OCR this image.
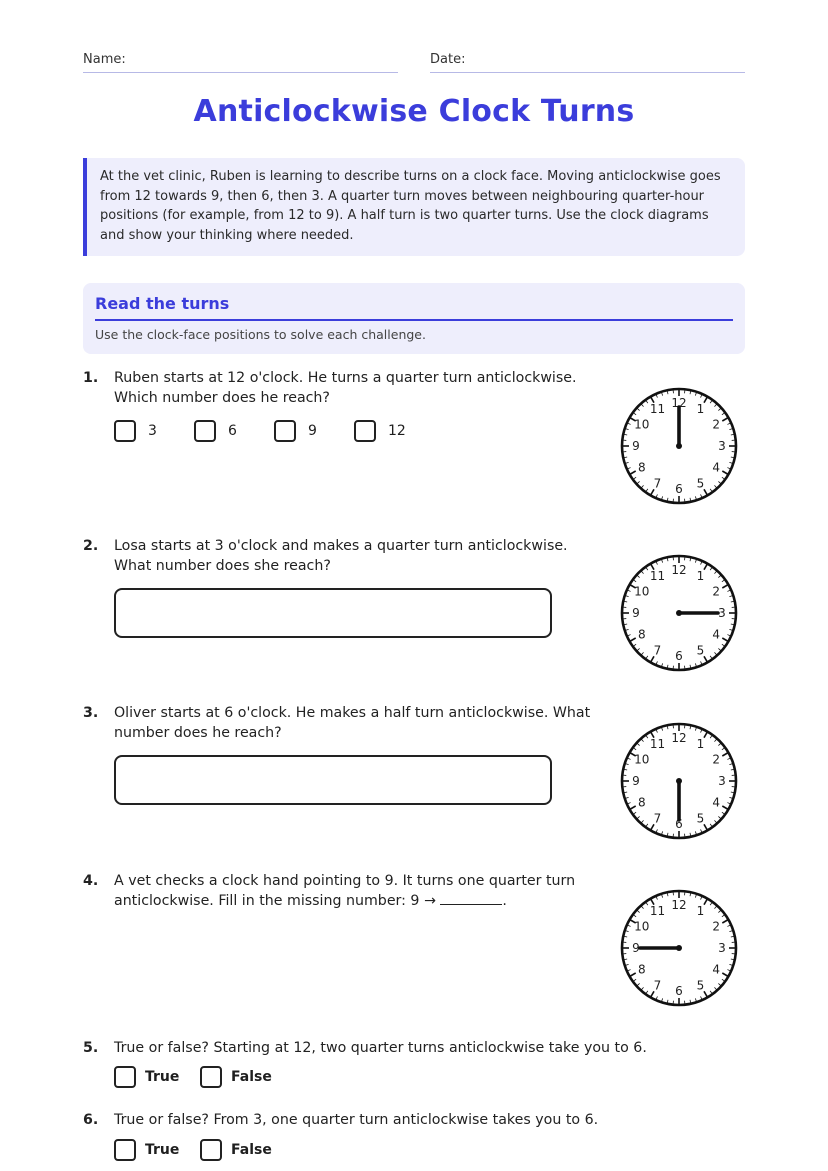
Name:	Date:
Anticlockwise Clock Turns
At the vet clinic, Ruben is learning to describe turns on a clock face. Moving anticlockwise goes from 12 towards 9, then 6, then 3. A quarter turn moves between neighbouring quarter-hour positions (for example, from 12 to 9). A half turn is two quarter turns. Use the clock diagrams and show your thinking where needed.
Read the turns

Use the clock-face positions to solve each challenge.

1. Ruben starts at 12 o'clock. He turns a quarter turn anticlockwise. Which number does he reach?
3	6	9	12
2. Losa starts at 3 o'clock and makes a quarter turn anticlockwise. What number does she reach?
3. Oliver starts at 6 o'clock. He makes a half turn anticlockwise. What number does he reach?
4. A vet checks a clock hand pointing to 9. It turns one quarter turn anticlockwise. Fill in the missing number: 9 →	.
5. True or false? Starting at 12, two quarter turns anticlockwise take you to 6.
True	False
6. True or false? From 3, one quarter turn anticlockwise takes you to 6.
True	False
12 1
2
3
4
5
6
7
8
9
10
11
12 1
2
3
4
5
6
7
8
9
10
11
12 1
2
3
4
5
6
7
8
9
10
11
12 1
2
3
4
5
6
7
8
9
10
11
